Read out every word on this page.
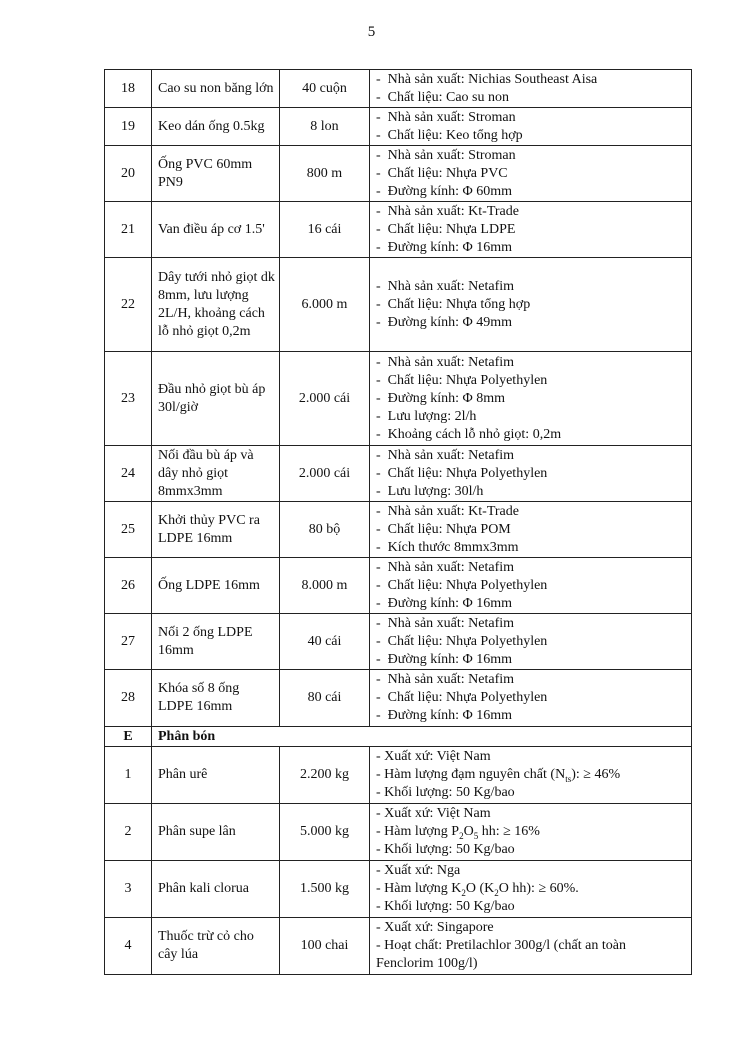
5
18	Cao su non băng lớn	40 cuộn	-  Nhà sản xuất: Nichias Southeast Aisa
-  Chất liệu: Cao su non

19	Keo dán ống 0.5kg	8 lon	-  Nhà sản xuất: Stroman
-  Chất liệu: Keo tổng hợp

20	Ống PVC 60mm PN9	800 m	-  Nhà sản xuất: Stroman
-  Chất liệu: Nhựa PVC
-  Đường kính: Φ 60mm

21	Van điều áp cơ 1.5'	16 cái	-  Nhà sản xuất: Kt-Trade
-  Chất liệu: Nhựa LDPE
-  Đường kính: Φ 16mm

22	Dây tưới nhỏ giọt dk 8mm, lưu lượng 2L/H, khoảng cách lỗ nhỏ giọt 0,2m	6.000 m	-  Nhà sản xuất: Netafim
-  Chất liệu: Nhựa tổng hợp
-  Đường kính: Φ 49mm

23	Đầu nhỏ giọt bù áp 30l/giờ	2.000 cái	-  Nhà sản xuất: Netafim
-  Chất liệu: Nhựa Polyethylen
-  Đường kính: Φ 8mm
-  Lưu lượng: 2l/h
-  Khoảng cách lỗ nhỏ giọt: 0,2m

24	Nối đầu bù áp và dây nhỏ giọt 8mmx3mm	2.000 cái	-  Nhà sản xuất: Netafim
-  Chất liệu: Nhựa Polyethylen
-  Lưu lượng: 30l/h

25	Khởi thủy PVC ra LDPE 16mm	80 bộ	-  Nhà sản xuất: Kt-Trade
-  Chất liệu: Nhựa POM
-  Kích thước 8mmx3mm

26	Ống LDPE 16mm	8.000 m	-  Nhà sản xuất: Netafim
-  Chất liệu: Nhựa Polyethylen
-  Đường kính: Φ 16mm

27	Nối 2 ống LDPE 16mm	40 cái	-  Nhà sản xuất: Netafim
-  Chất liệu: Nhựa Polyethylen
-  Đường kính: Φ 16mm

28	Khóa số 8 ống LDPE 16mm	80 cái	-  Nhà sản xuất: Netafim
-  Chất liệu: Nhựa Polyethylen
-  Đường kính: Φ 16mm

E	Phân bón		
1	Phân urê	2.200 kg	- Xuất xứ: Việt Nam
- Hàm lượng đạm nguyên chất $(N_{ts})$: ≥ 46%
- Khối lượng: 50 Kg/bao

2	Phân supe lân	5.000 kg	- Xuất xứ: Việt Nam
- Hàm lượng $P_2O_5$ hh: ≥ 16%
- Khối lượng: 50 Kg/bao

3	Phân kali clorua	1.500 kg	- Xuất xứ: Nga
- Hàm lượng $K_2O$ ($K_2O$ hh): ≥ 60%.
- Khối lượng: 50 Kg/bao

4	Thuốc trừ cỏ cho cây lúa	100 chai	- Xuất xứ: Singapore
- Hoạt chất: Pretilachlor 300g/l (chất an toàn
Fenclorim 100g/l)
